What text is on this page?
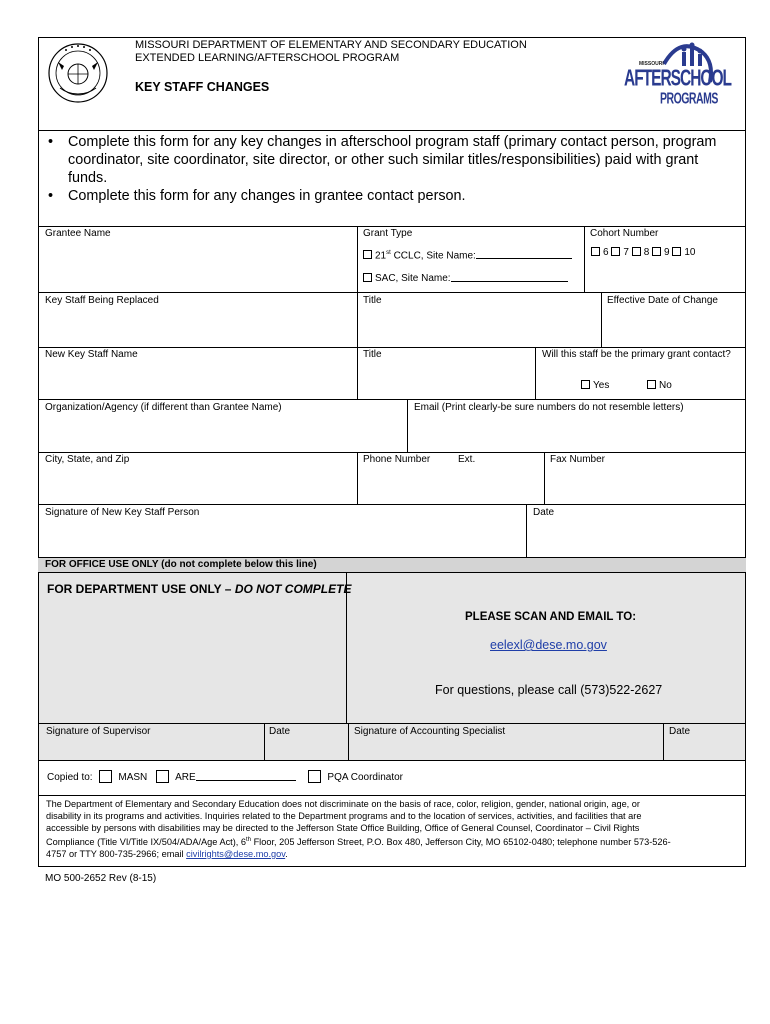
MISSOURI DEPARTMENT OF ELEMENTARY AND SECONDARY EDUCATION
EXTENDED LEARNING/AFTERSCHOOL PROGRAM
KEY STAFF CHANGES
MISSOURI
AFTERSCHOOL
PROGRAMS
• Complete this form for any key changes in afterschool program staff (primary contact person, program coordinator, site coordinator, site director, or other such similar titles/responsibilities) paid with grant funds.
• Complete this form for any changes in grantee contact person.
Grantee Name	Grant Type	Cohort Number
21st CCLC, Site Name:
SAC, Site Name:
6 7 8 9 10
Key Staff Being Replaced	Title	Effective Date of Change
New Key Staff Name	Title	Will this staff be the primary grant contact?
Yes	No
Organization/Agency (if different than Grantee Name)	Email (Print clearly-be sure numbers do not resemble letters)
City, State, and Zip	Phone Number	Ext.	Fax Number
Signature of New Key Staff Person	Date
FOR OFFICE USE ONLY (do not complete below this line)
FOR DEPARTMENT USE ONLY – DO NOT COMPLETE
PLEASE SCAN AND EMAIL TO:
eelexl@dese.mo.gov
For questions, please call (573)522-2627
Signature of Supervisor	Date	Signature of Accounting Specialist	Date
Copied to:	MASN	ARE	PQA Coordinator
The Department of Elementary and Secondary Education does not discriminate on the basis of race, color, religion, gender, national origin, age, or
disability in its programs and activities. Inquiries related to the Department programs and to the location of services, activities, and facilities that are
accessible by persons with disabilities may be directed to the Jefferson State Office Building, Office of General Counsel, Coordinator – Civil Rights
Compliance (Title VI/Title IX/504/ADA/Age Act), 6th Floor, 205 Jefferson Street, P.O. Box 480, Jefferson City, MO 65102-0480; telephone number 573-526-
4757 or TTY 800-735-2966; email civilrights@dese.mo.gov.
MO 500-2652 Rev (8-15)
